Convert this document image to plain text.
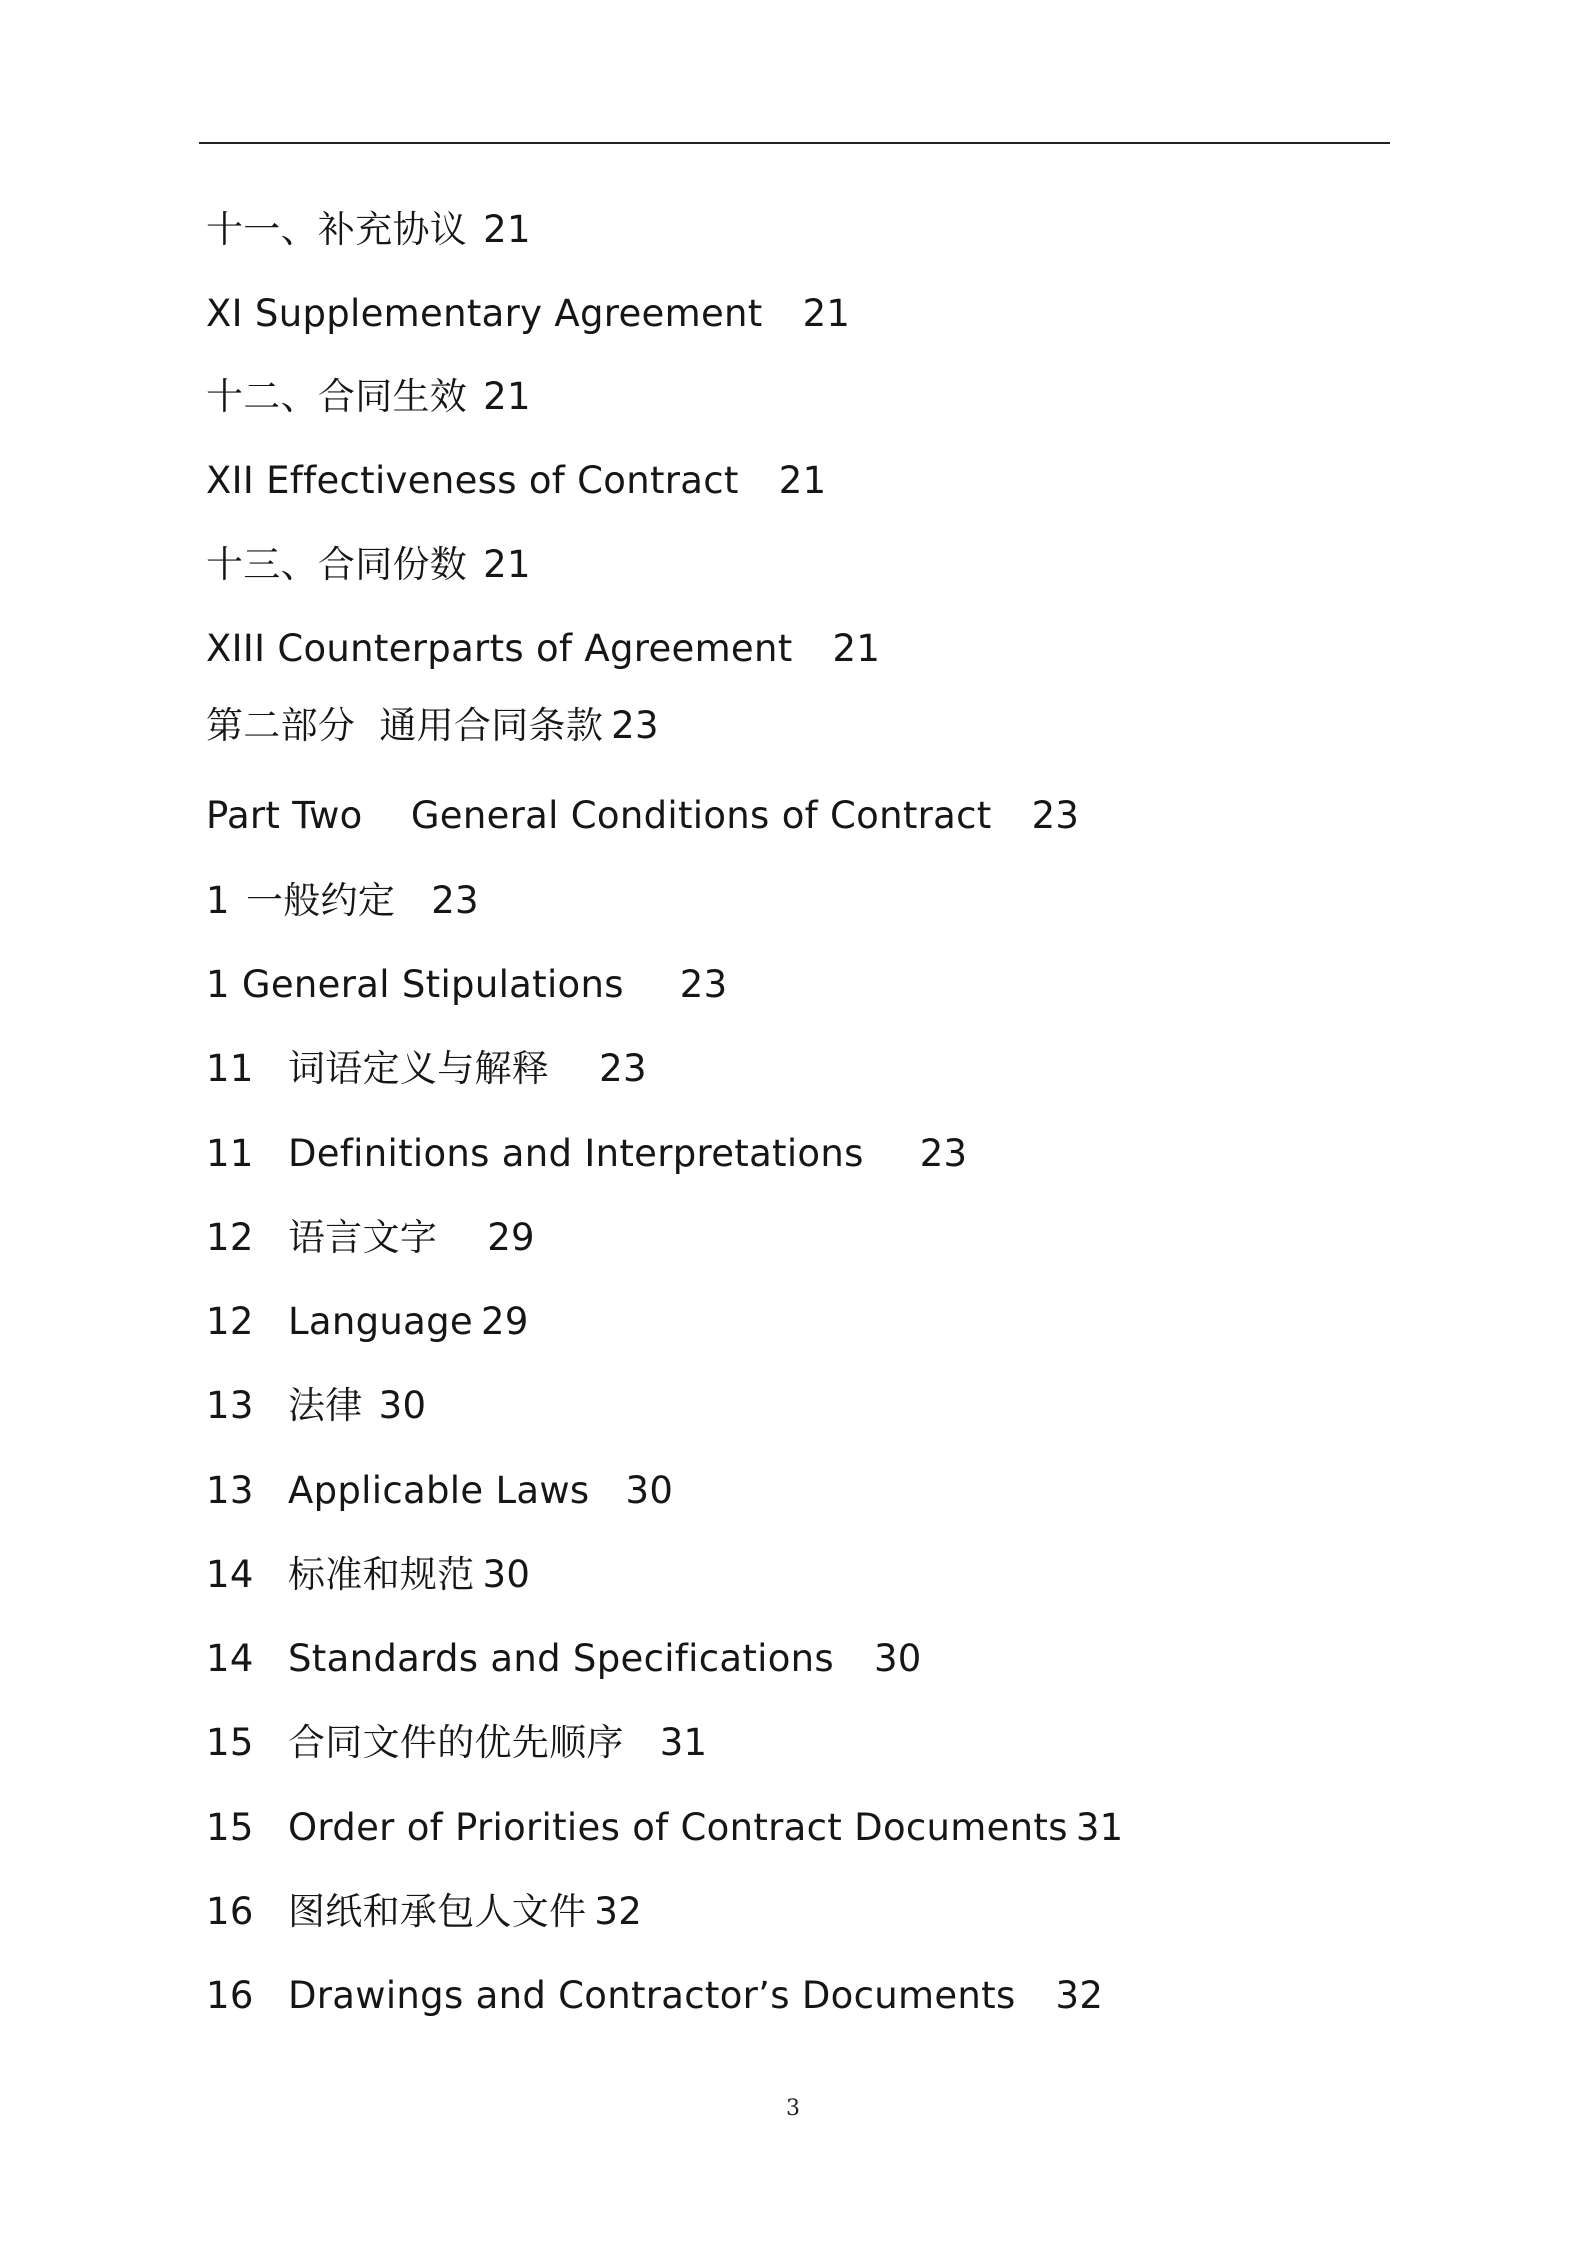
十一、补充协议 21
XI Supplementary Agreement 21
十二、合同生效 21
XII Effectiveness of Contract 21
十三、合同份数 21
XIII Counterparts of Agreement 21
第二部分  通用合同条款 23
Part Two    General Conditions of Contract 23
1 一般约定 23
1 General Stipulations 23
11 词语定义与解释 23
11 Definitions and Interpretations 23
12 语言文字 29
12 Language 29
13 法律 30
13 Applicable Laws 30
14 标准和规范 30
14 Standards and Specifications 30
15 合同文件的优先顺序 31
15 Order of Priorities of Contract Documents 31
16 图纸和承包人文件 32
16 Drawings and Contractor’s Documents 32
3
